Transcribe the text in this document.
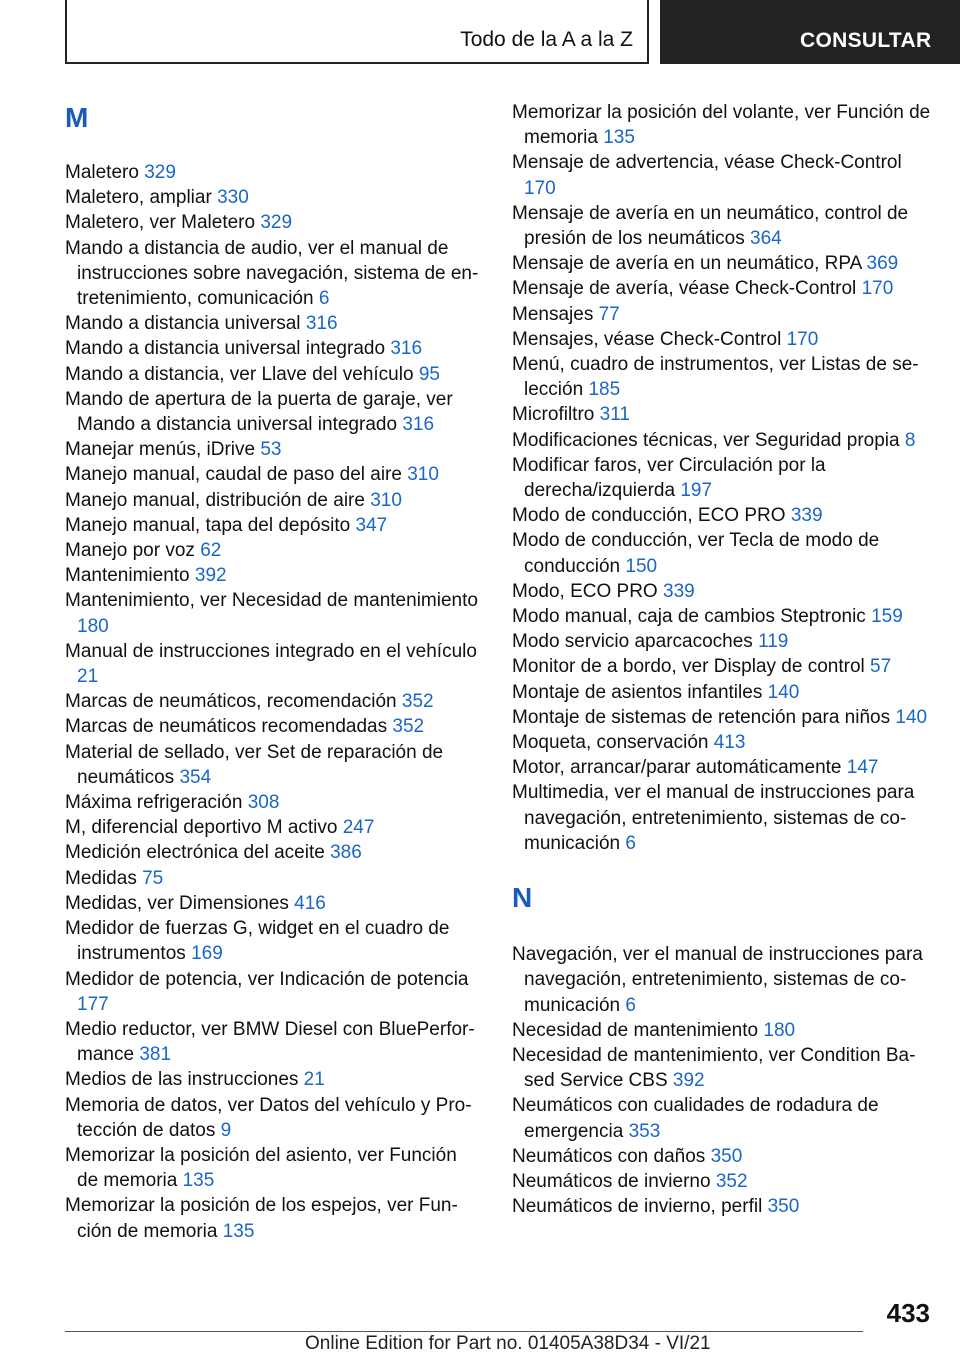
Todo de la A a la Z	CONSULTAR
M
Maletero 329
Maletero, ampliar 330
Maletero, ver Maletero 329
Mando a distancia de audio, ver el manual de instrucciones sobre navegación, sistema de entretenimiento, comunicación 6
Mando a distancia universal 316
Mando a distancia universal integrado 316
Mando a distancia, ver Llave del vehículo 95
Mando de apertura de la puerta de garaje, ver Mando a distancia universal integrado 316
Manejar menús, iDrive 53
Manejo manual, caudal de paso del aire 310
Manejo manual, distribución de aire 310
Manejo manual, tapa del depósito 347
Manejo por voz 62
Mantenimiento 392
Mantenimiento, ver Necesidad de mantenimiento 180
Manual de instrucciones integrado en el vehículo 21
Marcas de neumáticos, recomendación 352
Marcas de neumáticos recomendadas 352
Material de sellado, ver Set de reparación de neumáticos 354
Máxima refrigeración 308
M, diferencial deportivo M activo 247
Medición electrónica del aceite 386
Medidas 75
Medidas, ver Dimensiones 416
Medidor de fuerzas G, widget en el cuadro de instrumentos 169
Medidor de potencia, ver Indicación de potencia 177
Medio reductor, ver BMW Diesel con BluePerformance 381
Medios de las instrucciones 21
Memoria de datos, ver Datos del vehículo y Protección de datos 9
Memorizar la posición del asiento, ver Función de memoria 135
Memorizar la posición de los espejos, ver Función de memoria 135
Memorizar la posición del volante, ver Función de memoria 135
Mensaje de advertencia, véase Check-Control 170
Mensaje de avería en un neumático, control de presión de los neumáticos 364
Mensaje de avería en un neumático, RPA 369
Mensaje de avería, véase Check-Control 170
Mensajes 77
Mensajes, véase Check-Control 170
Menú, cuadro de instrumentos, ver Listas de selección 185
Microfiltro 311
Modificaciones técnicas, ver Seguridad propia 8
Modificar faros, ver Circulación por la derecha/izquierda 197
Modo de conducción, ECO PRO 339
Modo de conducción, ver Tecla de modo de conducción 150
Modo, ECO PRO 339
Modo manual, caja de cambios Steptronic 159
Modo servicio aparcacoches 119
Monitor de a bordo, ver Display de control 57
Montaje de asientos infantiles 140
Montaje de sistemas de retención para niños 140
Moqueta, conservación 413
Motor, arrancar/parar automáticamente 147
Multimedia, ver el manual de instrucciones para navegación, entretenimiento, sistemas de comunicación 6
N
Navegación, ver el manual de instrucciones para navegación, entretenimiento, sistemas de comunicación 6
Necesidad de mantenimiento 180
Necesidad de mantenimiento, ver Condition Based Service CBS 392
Neumáticos con cualidades de rodadura de emergencia 353
Neumáticos con daños 350
Neumáticos de invierno 352
Neumáticos de invierno, perfil 350
433
Online Edition for Part no. 01405A38D34 - VI/21
